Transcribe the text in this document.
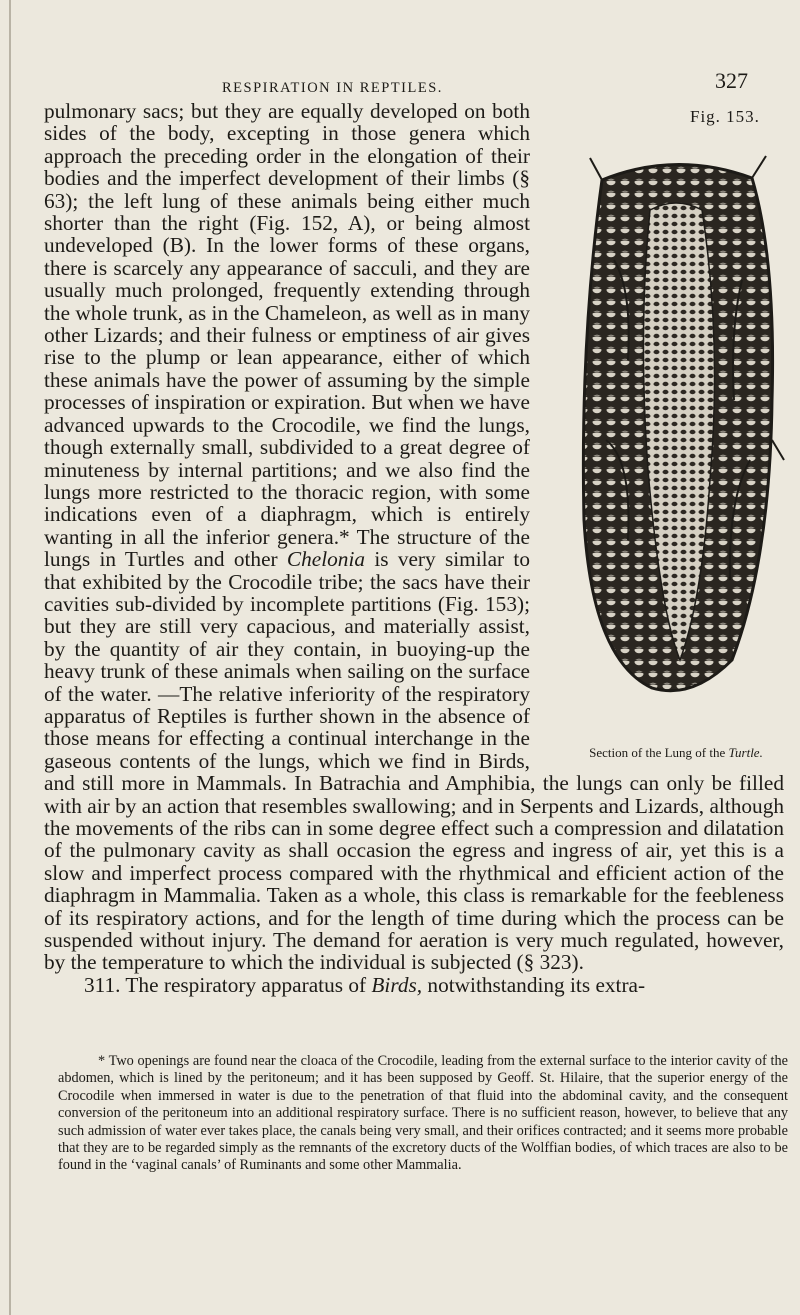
RESPIRATION IN REPTILES.	327
Fig. 153.
Section of the Lung of the Turtle.

pulmonary sacs; but they are equally developed on both sides of the body, excepting in those genera which approach the preceding order in the elongation of their bodies and the imperfect development of their limbs (§ 63); the left lung of these animals being either much shorter than the right (Fig. 152, A), or being almost undeveloped (B). In the lower forms of these organs, there is scarcely any appearance of sacculi, and they are usually much prolonged, frequently extending through the whole trunk, as in the Chameleon, as well as in many other Lizards; and their fulness or emptiness of air gives rise to the plump or lean appearance, either of which these animals have the power of assuming by the simple processes of inspiration or expiration. But when we have advanced upwards to the Crocodile, we find the lungs, though externally small, subdivided to a great degree of minuteness by internal partitions; and we also find the lungs more restricted to the thoracic region, with some indications even of a diaphragm, which is entirely wanting in all the inferior genera.* The structure of the lungs in Turtles and other Chelonia is very similar to that exhibited by the Crocodile tribe; the sacs have their cavities sub-divided by incomplete partitions (Fig. 153); but they are still very capacious, and materially assist, by the quantity of air they contain, in buoying-up the heavy trunk of these animals when sailing on the surface of the water. —The relative inferiority of the respiratory apparatus of Reptiles is further shown in the absence of those means for effecting a continual interchange in the gaseous contents of the lungs, which we find in Birds, and still more in Mammals. In Batrachia and Amphibia, the lungs can only be filled with air by an action that resembles swallowing; and in Serpents and Lizards, although the movements of the ribs can in some degree effect such a compression and dilatation of the pulmonary cavity as shall occasion the egress and ingress of air, yet this is a slow and imperfect process compared with the rhythmical and efficient action of the diaphragm in Mammalia. Taken as a whole, this class is remarkable for the feebleness of its respiratory actions, and for the length of time during which the process can be suspended without injury. The demand for aeration is very much regulated, however, by the temperature to which the individual is subjected (§ 323).

311. The respiratory apparatus of Birds, notwithstanding its extra-

* Two openings are found near the cloaca of the Crocodile, leading from the external surface to the interior cavity of the abdomen, which is lined by the peritoneum; and it has been supposed by Geoff. St. Hilaire, that the superior energy of the Crocodile when immersed in water is due to the penetration of that fluid into the abdominal cavity, and the consequent conversion of the peritoneum into an additional respiratory surface. There is no sufficient reason, however, to believe that any such admission of water ever takes place, the canals being very small, and their orifices contracted; and it seems more probable that they are to be regarded simply as the remnants of the excretory ducts of the Wolffian bodies, of which traces are also to be found in the ‘vaginal canals’ of Ruminants and some other Mammalia.
